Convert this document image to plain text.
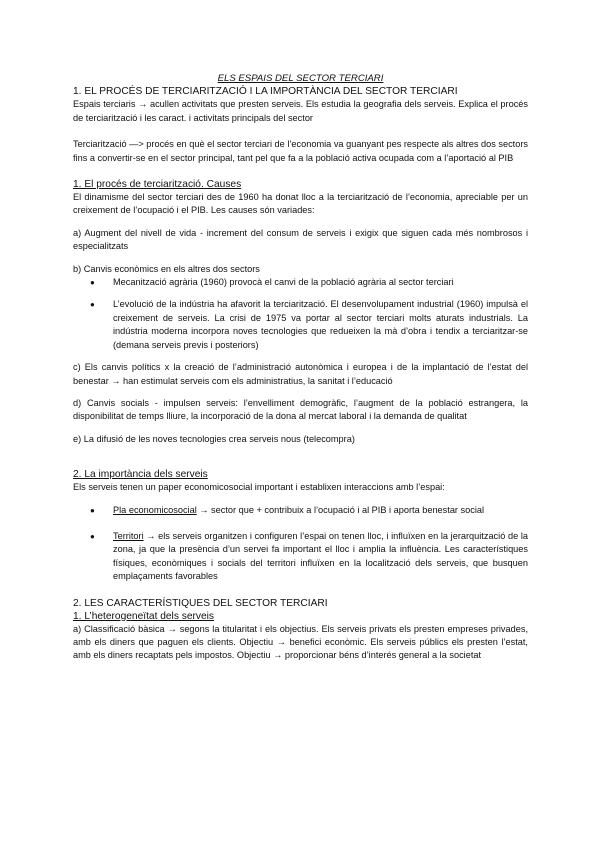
ELS ESPAIS DEL SECTOR TERCIARI

1. EL PROCÉS DE TERCIARITZACIÓ I LA IMPORTÀNCIA DEL SECTOR TERCIARI

Espais terciaris → acullen activitats que presten serveis. Els estudia la geografia dels serveis. Explica el procés de terciarització i les caract. i activitats principals del sector

Terciarització —> procés en què el sector terciari de l’economia va guanyant pes respecte als altres dos sectors fins a convertir-se en el sector principal, tant pel que fa a la població activa ocupada com a l’aportació al PIB

1. El procés de terciarització. Causes

El dinamisme del sector terciari des de 1960 ha donat lloc a la terciarització de l’economia, apreciable per un creixement de l’ocupació i el PIB. Les causes són variades:

a) Augment del nivell de vida - increment del consum de serveis i exigix que siguen cada més nombrosos i especialitzats

b) Canvis econòmics en els altres dos sectors

● Mecanització agrària (1960) provocà el canvi de la població agrària al sector terciari
● L’evolució de la indústria ha afavorit la terciarització. El desenvolupament industrial (1960) impulsà el creixement de serveis. La crisi de 1975 va portar al sector terciari molts aturats industrials. La indústria moderna incorpora noves tecnologies que redueixen la mà d’obra i tendix a terciaritzar-se (demana serveis previs i posteriors)

c) Els canvis polítics x la creació de l’administració autonòmica i europea i de la implantació de l’estat del benestar → han estimulat serveis com els administratius, la sanitat i l’educació

d) Canvis socials - impulsen serveis: l’envelliment demogràfic, l’augment de la població estrangera, la disponibilitat de temps lliure, la incorporació de la dona al mercat laboral i la demanda de qualitat

e) La difusió de les noves tecnologies crea serveis nous (telecompra)

2. La importància dels serveis

Els serveis tenen un paper economicosocial important i establixen interaccions amb l’espai:

● Pla economicosocial → sector que + contribuix a l’ocupació i al PIB i aporta benestar social
● Territori → els serveis organitzen i configuren l’espai on tenen lloc, i influïxen en la jerarquització de la zona, ja que la presència d’un servei fa important el lloc i amplia la influència. Les característiques físiques, econòmiques i socials del territori influïxen en la localització dels serveis, que busquen emplaçaments favorables

2. LES CARACTERÍSTIQUES DEL SECTOR TERCIARI

1. L’heterogeneïtat dels serveis

a) Classificació bàsica → segons la titularitat i els objectius. Els serveis privats els presten empreses privades, amb els diners que paguen els clients. Objectiu → benefici econòmic. Els serveis públics els presten l’estat, amb els diners recaptats pels impostos. Objectiu → proporcionar béns d’interés general a la societat
